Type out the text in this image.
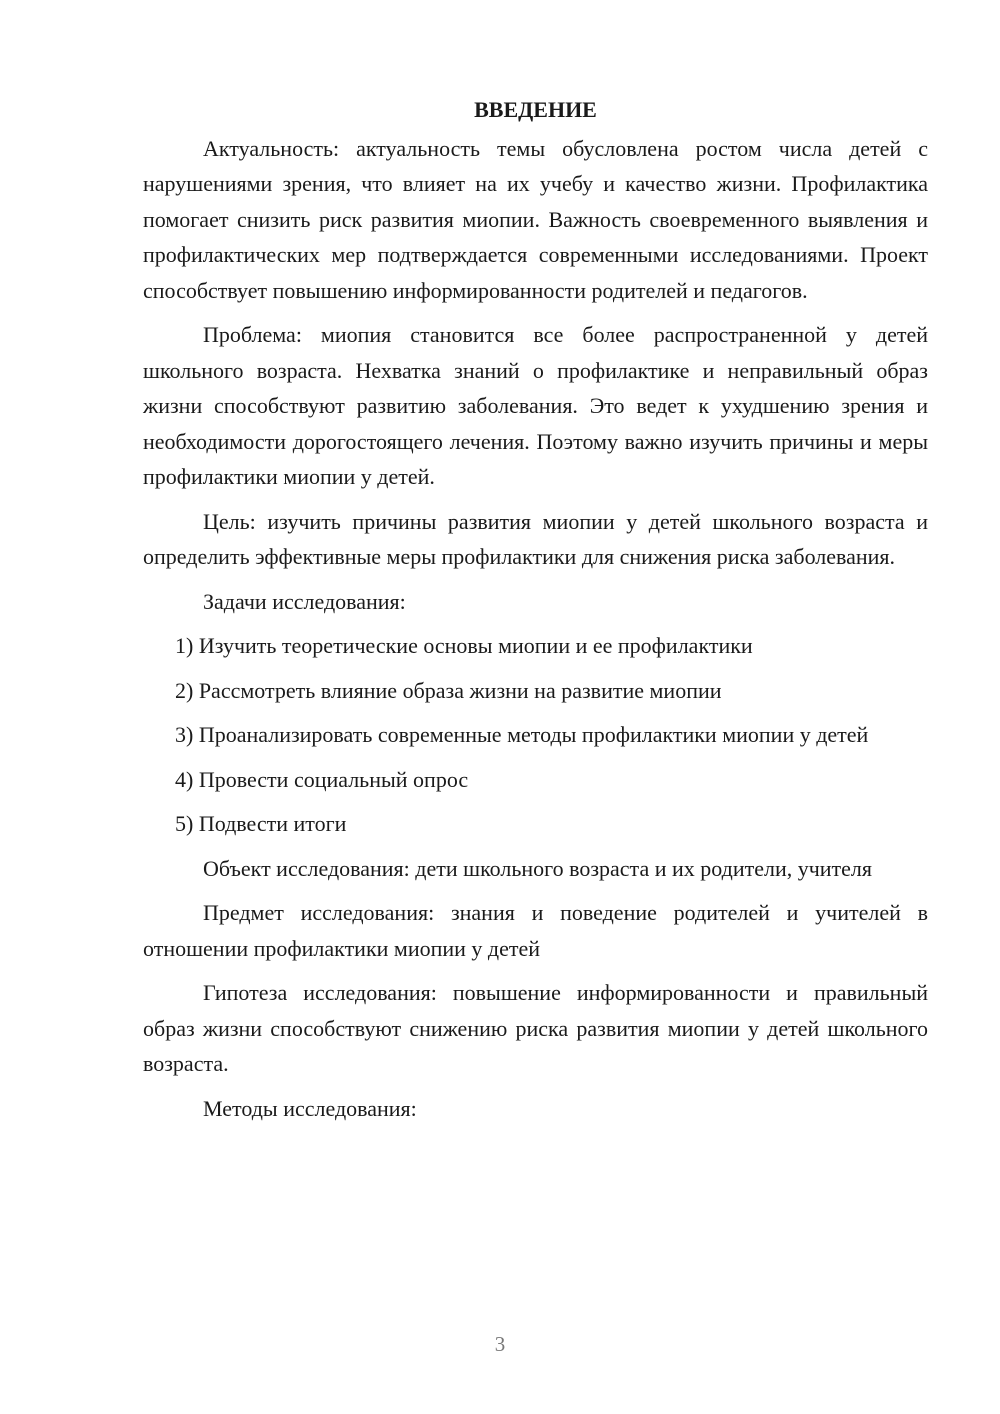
ВВЕДЕНИЕ

Актуальность: актуальность темы обусловлена ростом числа детей с нарушениями зрения, что влияет на их учебу и качество жизни. Профилактика помогает снизить риск развития миопии. Важность своевременного выявления и профилактических мер подтверждается современными исследованиями. Проект способствует повышению информированности родителей и педагогов.

Проблема: миопия становится все более распространенной у детей школьного возраста. Нехватка знаний о профилактике и неправильный образ жизни способствуют развитию заболевания. Это ведет к ухудшению зрения и необходимости дорогостоящего лечения. Поэтому важно изучить причины и меры профилактики миопии у детей.

Цель: изучить причины развития миопии у детей школьного возраста и определить эффективные меры профилактики для снижения риска заболевания.

Задачи исследования:

1) Изучить теоретические основы миопии и ее профилактики

2) Рассмотреть влияние образа жизни на развитие миопии

3) Проанализировать современные методы профилактики миопии у детей

4) Провести социальный опрос

5) Подвести итоги

Объект исследования: дети школьного возраста и их родители, учителя

Предмет исследования: знания и поведение родителей и учителей в отношении профилактики миопии у детей

Гипотеза исследования: повышение информированности и правильный образ жизни способствуют снижению риска развития миопии у детей школьного возраста.

Методы исследования:

3
